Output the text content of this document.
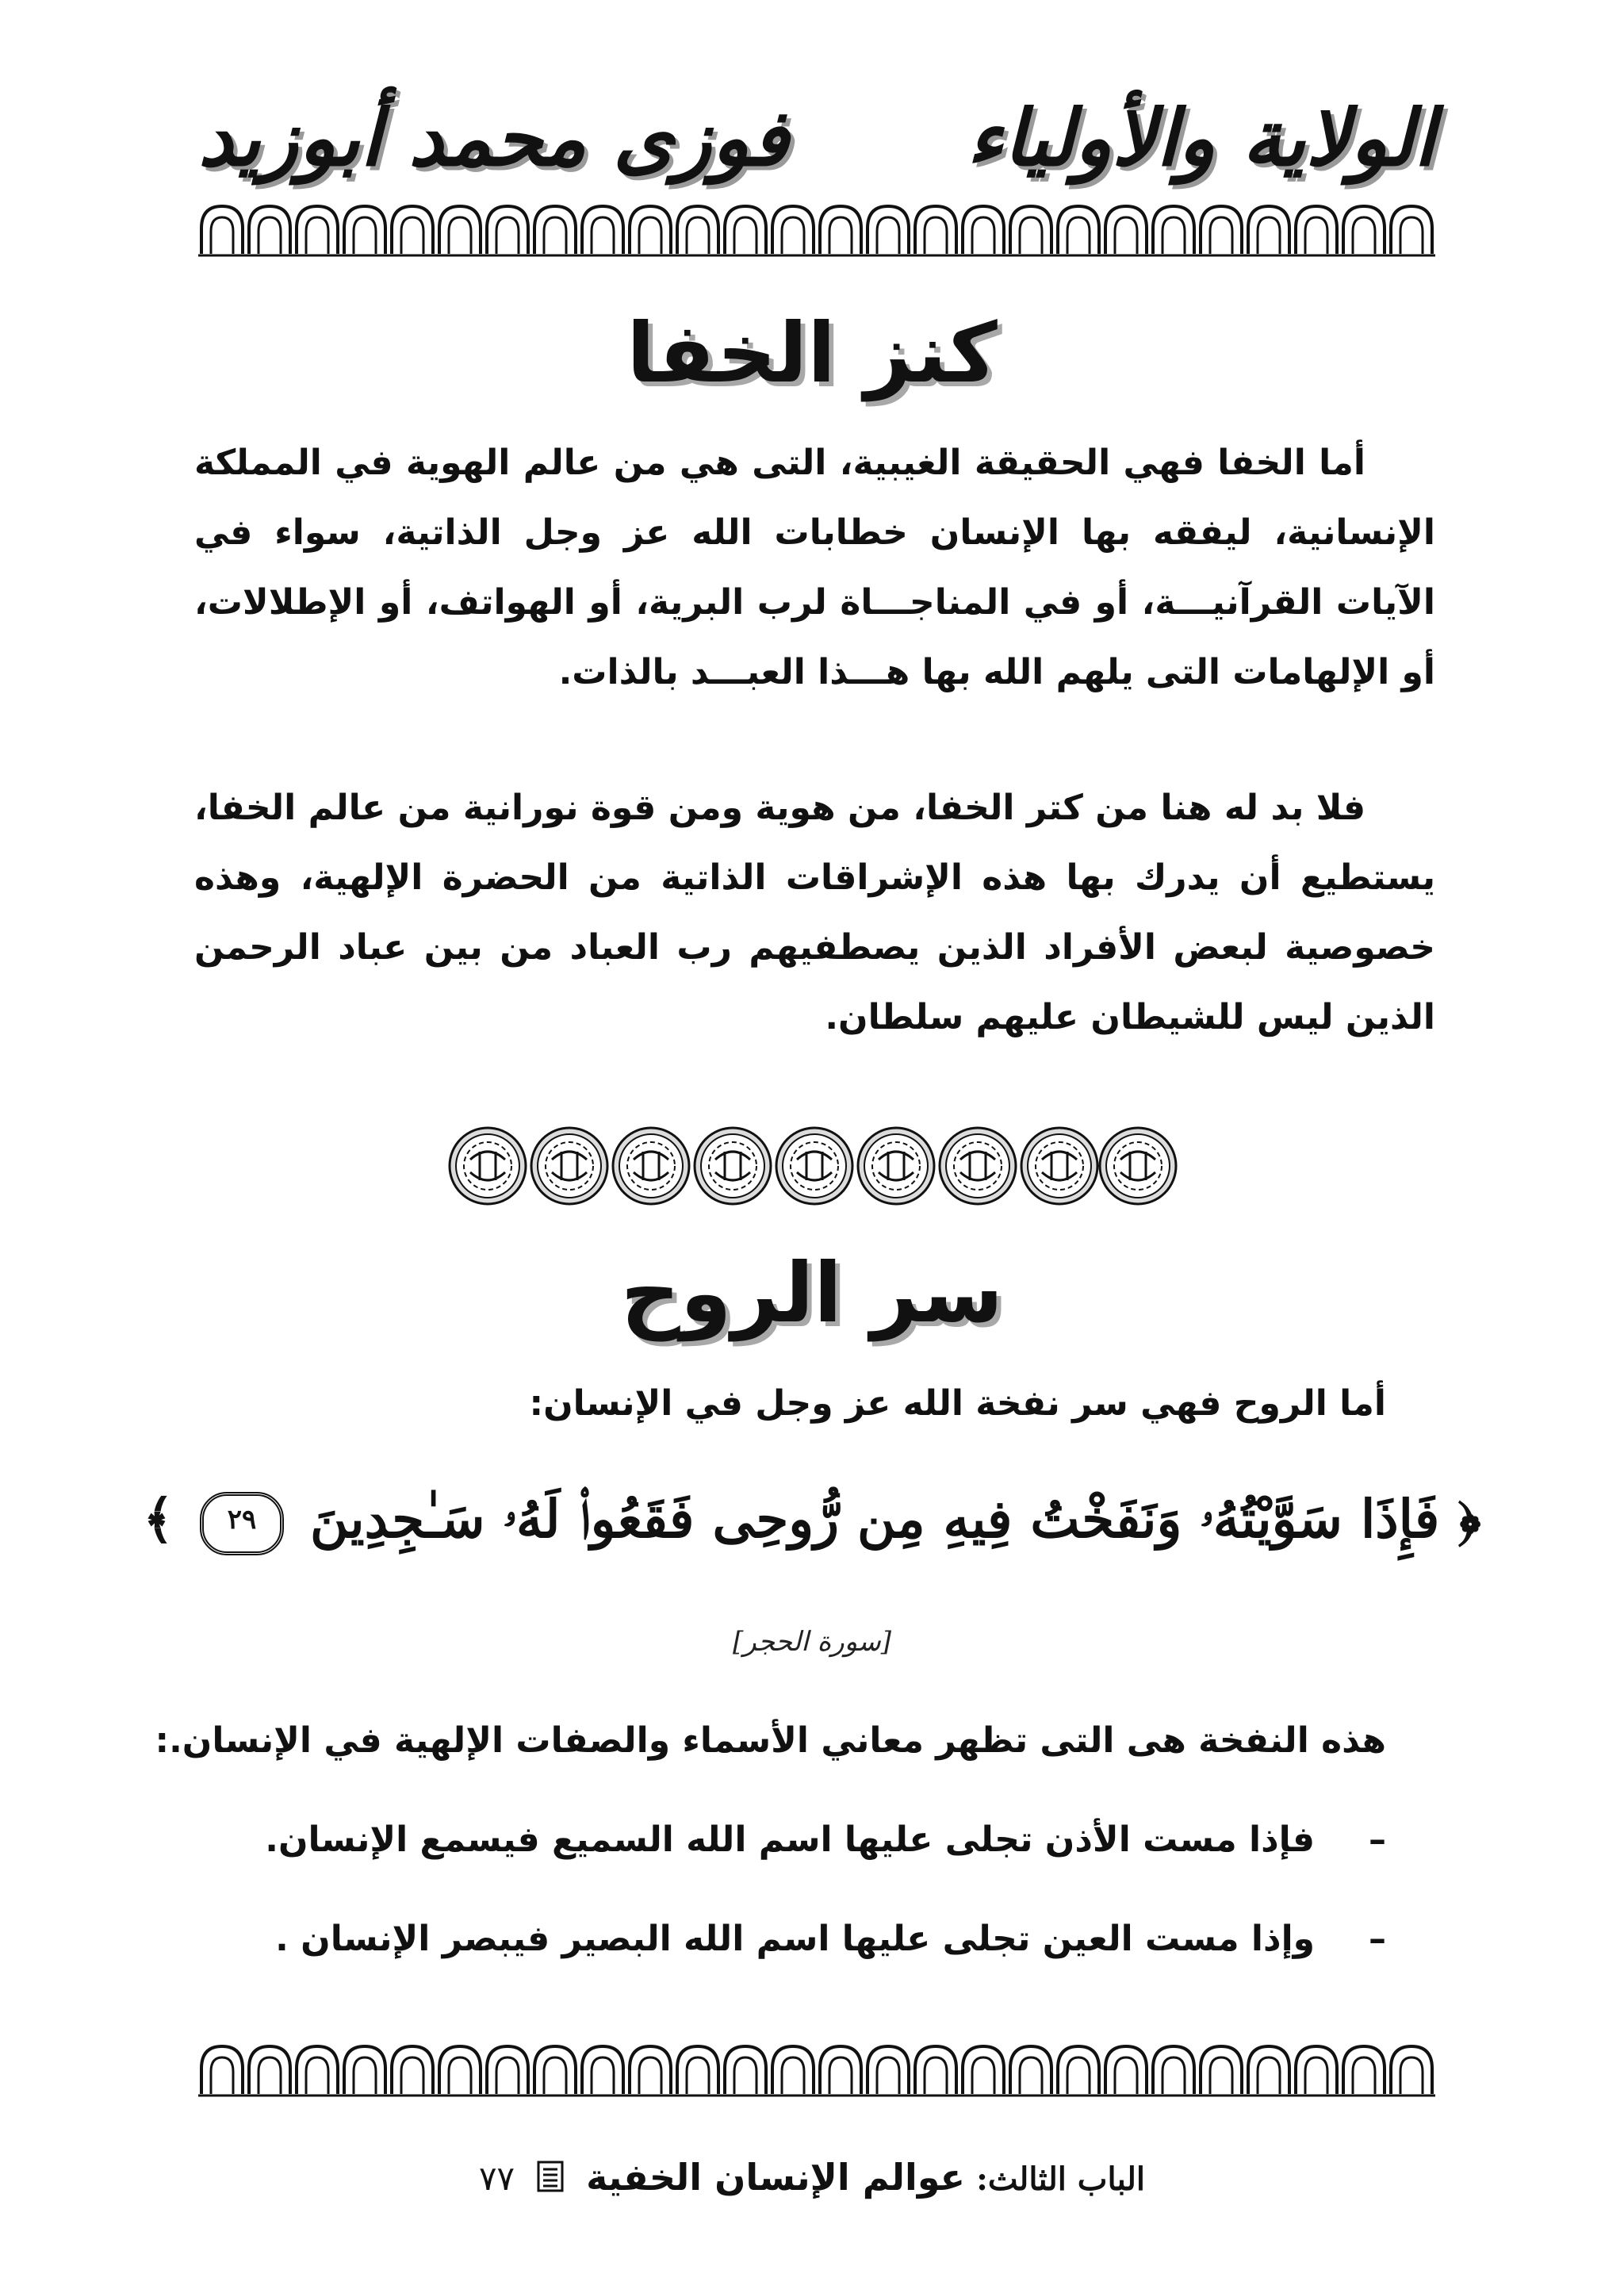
الولاية والأولياء
فوزى محمد أبوزيد
كنز الخفا
أما الخفا فهي الحقيقة الغيبية، التى هي من عالم الهوية في المملكة الإنسانية، ليفقه بها الإنسان خطابات الله عز وجل الذاتية، سواء في الآيات القرآنيـــة، أو في المناجـــاة لرب البرية، أو الهواتف، أو الإطلالات، أو الإلهامات التى يلهم الله بها هـــذا العبـــد بالذات.
فلا بد له هنا من كتر الخفا، من هوية ومن قوة نورانية من عالم الخفا، يستطيع أن يدرك بها هذه الإشراقات الذاتية من الحضرة الإلهية، وهذه خصوصية لبعض الأفراد الذين يصطفيهم رب العباد من بين عباد الرحمن الذين ليس للشيطان عليهم سلطان.
سر الروح
أما الروح فهي سر نفخة الله عز وجل في الإنسان:
﴿ فَإِذَا سَوَّيْتُهُۥ وَنَفَخْتُ فِيهِ مِن رُّوحِى فَقَعُوا۟ لَهُۥ سَـٰجِدِينَ ٢٩ ﴾
[سورة الحجر]
هذه النفخة هى التى تظهر معاني الأسماء والصفات الإلهية في الإنسان.:
–فإذا مست الأذن تجلى عليها اسم الله السميع فيسمع الإنسان.
–وإذا مست العين تجلى عليها اسم الله البصير فيبصر الإنسان .
الباب الثالث: عوالم الإنسان الخفية  ٧٧
